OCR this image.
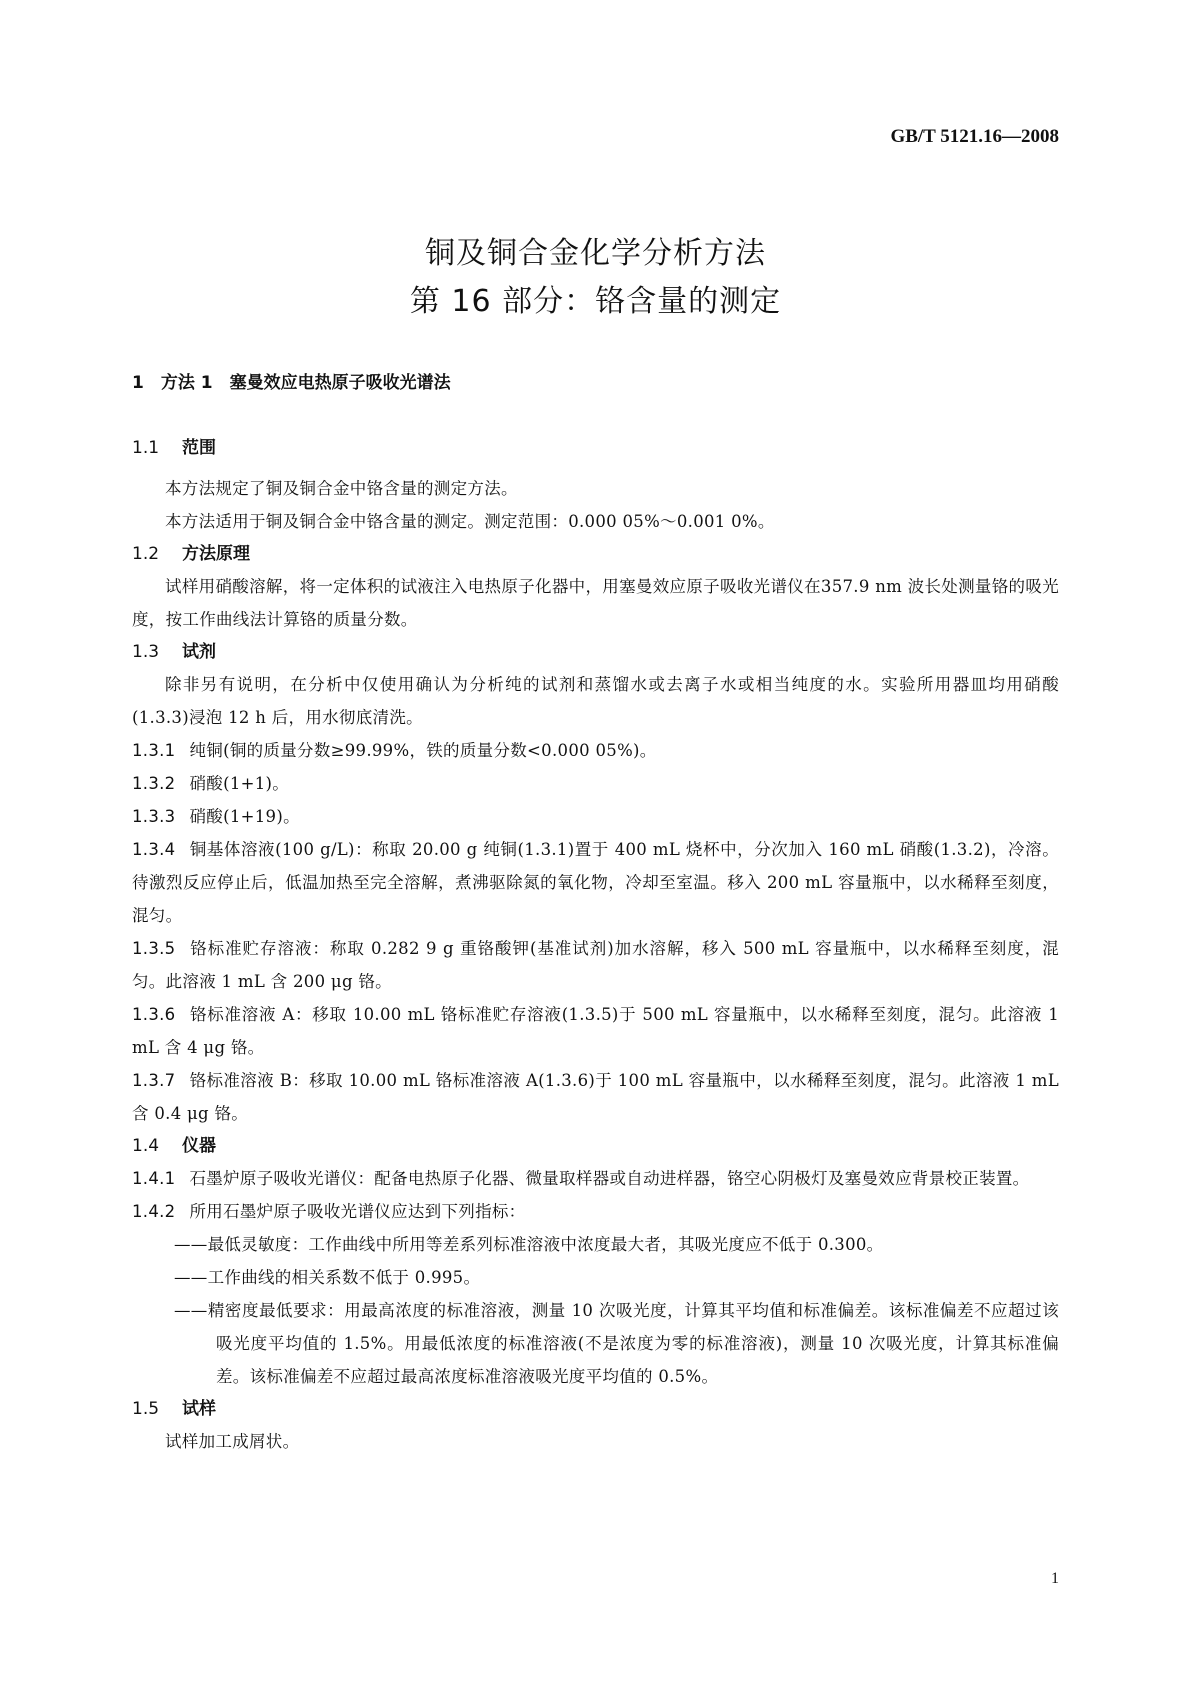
GB/T 5121.16—2008
铜及铜合金化学分析方法
第 16 部分：铬含量的测定
1　方法 1　塞曼效应电热原子吸收光谱法
1.1 范围
本方法规定了铜及铜合金中铬含量的测定方法。
本方法适用于铜及铜合金中铬含量的测定。测定范围：0.000 05%～0.001 0%。
1.2 方法原理
试样用硝酸溶解，将一定体积的试液注入电热原子化器中，用塞曼效应原子吸收光谱仪在357.9 nm 波长处测量铬的吸光度，按工作曲线法计算铬的质量分数。
1.3 试剂
除非另有说明，在分析中仅使用确认为分析纯的试剂和蒸馏水或去离子水或相当纯度的水。实验所用器皿均用硝酸(1.3.3)浸泡 12 h 后，用水彻底清洗。
1.3.1 纯铜(铜的质量分数≥99.99%，铁的质量分数<0.000 05%)。
1.3.2 硝酸(1+1)。
1.3.3 硝酸(1+19)。
1.3.4 铜基体溶液(100 g/L)：称取 20.00 g 纯铜(1.3.1)置于 400 mL 烧杯中，分次加入 160 mL 硝酸(1.3.2)，冷溶。待激烈反应停止后，低温加热至完全溶解，煮沸驱除氮的氧化物，冷却至室温。移入 200 mL 容量瓶中，以水稀释至刻度，混匀。
1.3.5 铬标准贮存溶液：称取 0.282 9 g 重铬酸钾(基准试剂)加水溶解，移入 500 mL 容量瓶中，以水稀释至刻度，混匀。此溶液 1 mL 含 200 μg 铬。
1.3.6 铬标准溶液 A：移取 10.00 mL 铬标准贮存溶液(1.3.5)于 500 mL 容量瓶中，以水稀释至刻度，混匀。此溶液 1 mL 含 4 μg 铬。
1.3.7 铬标准溶液 B：移取 10.00 mL 铬标准溶液 A(1.3.6)于 100 mL 容量瓶中，以水稀释至刻度，混匀。此溶液 1 mL 含 0.4 μg 铬。
1.4 仪器
1.4.1 石墨炉原子吸收光谱仪：配备电热原子化器、微量取样器或自动进样器，铬空心阴极灯及塞曼效应背景校正装置。
1.4.2 所用石墨炉原子吸收光谱仪应达到下列指标：
——最低灵敏度：工作曲线中所用等差系列标准溶液中浓度最大者，其吸光度应不低于 0.300。
——工作曲线的相关系数不低于 0.995。
——精密度最低要求：用最高浓度的标准溶液，测量 10 次吸光度，计算其平均值和标准偏差。该标准偏差不应超过该吸光度平均值的 1.5%。用最低浓度的标准溶液(不是浓度为零的标准溶液)，测量 10 次吸光度，计算其标准偏差。该标准偏差不应超过最高浓度标准溶液吸光度平均值的 0.5%。
1.5 试样
试样加工成屑状。
1
